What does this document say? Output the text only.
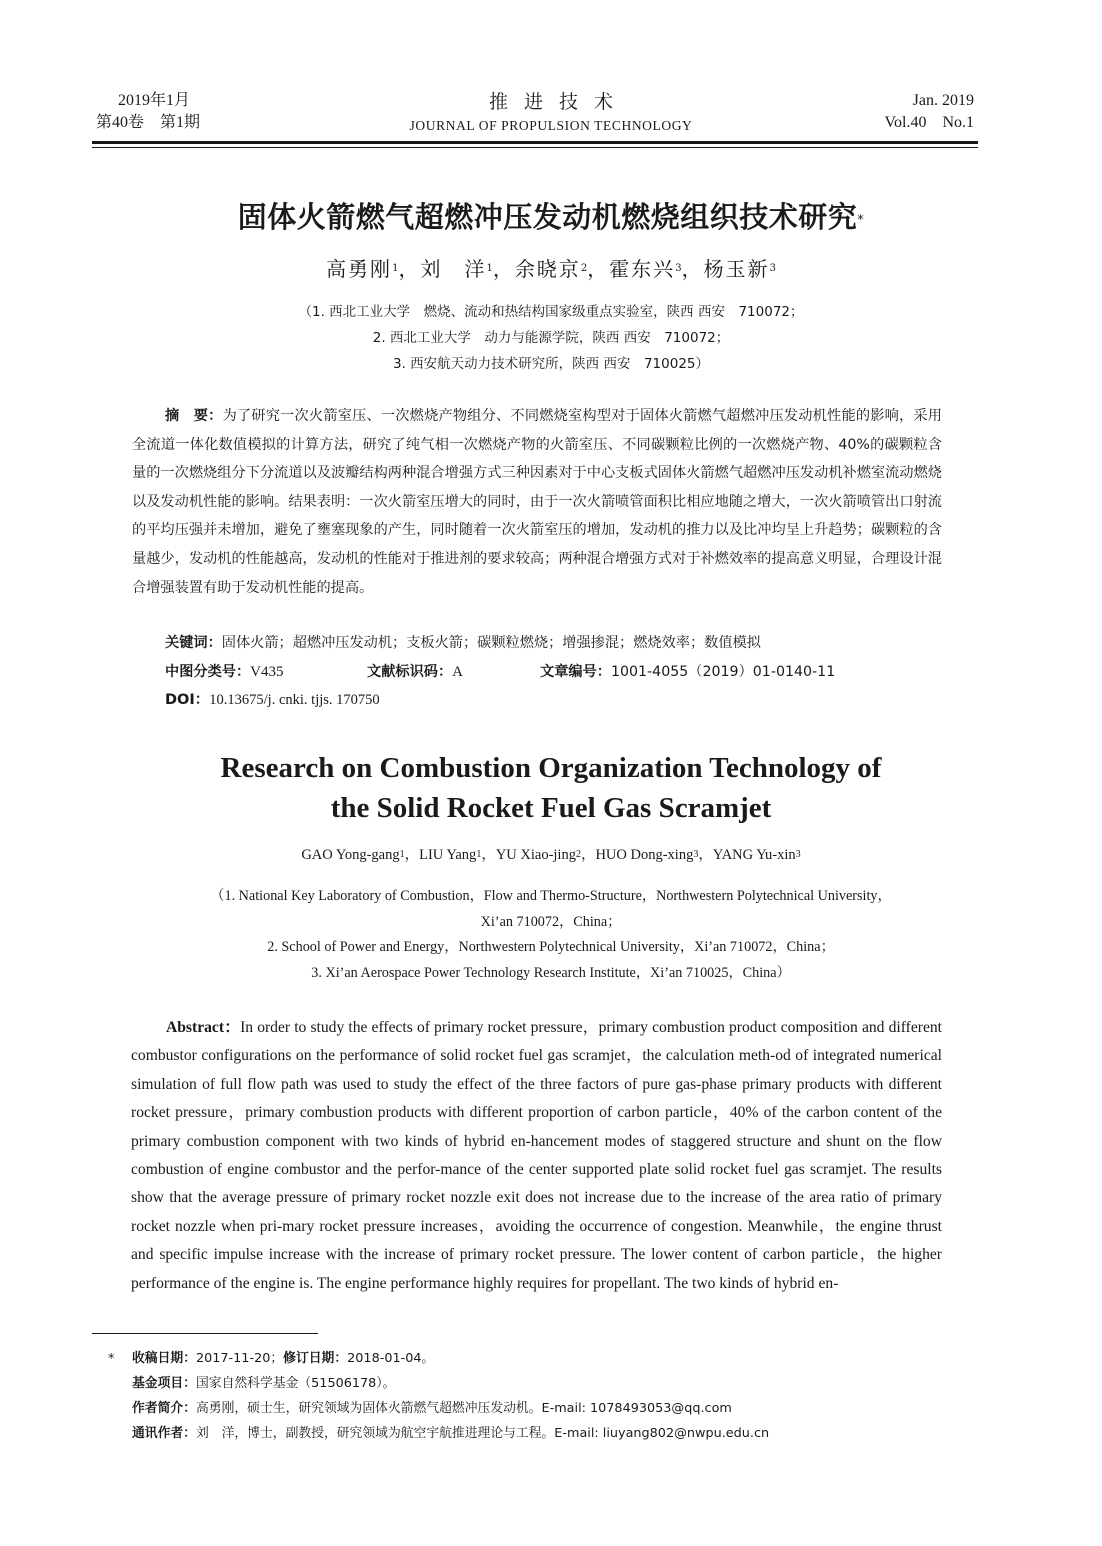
2019年1月
第40卷　第1期
推进技术
JOURNAL OF PROPULSION TECHNOLOGY
Jan. 2019
Vol.40　No.1
固体火箭燃气超燃冲压发动机燃烧组织技术研究*
高勇刚$^1$，刘　洋$^1$，余晓京$^2$，霍东兴$^3$，杨玉新$^3$
（1. 西北工业大学　燃烧、流动和热结构国家级重点实验室，陕西 西安　710072；
2. 西北工业大学　动力与能源学院，陕西 西安　710072；
3. 西安航天动力技术研究所，陕西 西安　710025）

摘　要：为了研究一次火箭室压、一次燃烧产物组分、不同燃烧室构型对于固体火箭燃气超燃冲压发动机性能的影响，采用全流道一体化数值模拟的计算方法，研究了纯气相一次燃烧产物的火箭室压、不同碳颗粒比例的一次燃烧产物、40%的碳颗粒含量的一次燃烧组分下分流道以及波瓣结构两种混合增强方式三种因素对于中心支板式固体火箭燃气超燃冲压发动机补燃室流动燃烧以及发动机性能的影响。结果表明：一次火箭室压增大的同时，由于一次火箭喷管面积比相应地随之增大，一次火箭喷管出口射流的平均压强并未增加，避免了壅塞现象的产生，同时随着一次火箭室压的增加，发动机的推力以及比冲均呈上升趋势；碳颗粒的含量越少，发动机的性能越高，发动机的性能对于推进剂的要求较高；两种混合增强方式对于补燃效率的提高意义明显，合理设计混合增强装置有助于发动机性能的提高。

关键词：固体火箭；超燃冲压发动机；支板火箭；碳颗粒燃烧；增强掺混；燃烧效率；数值模拟
中图分类号：V435	文献标识码：A	文章编号：1001-4055（2019）01-0140-11
DOI：10.13675/j. cnki. tjjs. 170750
Research on Combustion Organization Technology of
the Solid Rocket Fuel Gas Scramjet
GAO Yong-gang$^1$，LIU Yang$^1$，YU Xiao-jing$^2$，HUO Dong-xing$^3$，YANG Yu-xin$^3$
（1. National Key Laboratory of Combustion，Flow and Thermo-Structure，Northwestern Polytechnical University，
Xi’an 710072，China；
2. School of Power and Energy，Northwestern Polytechnical University，Xi’an 710072，China；
3. Xi’an Aerospace Power Technology Research Institute，Xi’an 710025，China）

Abstract：In order to study the effects of primary rocket pressure，primary combustion product composition and different combustor configurations on the performance of solid rocket fuel gas scramjet，the calculation meth-od of integrated numerical simulation of full flow path was used to study the effect of the three factors of pure gas-phase primary products with different rocket pressure，primary combustion products with different proportion of carbon particle，40% of the carbon content of the primary combustion component with two kinds of hybrid en-hancement modes of staggered structure and shunt on the flow combustion of engine combustor and the perfor-mance of the center supported plate solid rocket fuel gas scramjet. The results show that the average pressure of primary rocket nozzle exit does not increase due to the increase of the area ratio of primary rocket nozzle when pri-mary rocket pressure increases，avoiding the occurrence of congestion. Meanwhile，the engine thrust and specific impulse increase with the increase of primary rocket pressure. The lower content of carbon particle，the higher performance of the engine is. The engine performance highly requires for propellant. The two kinds of hybrid en-

* 收稿日期：2017-11-20；修订日期：2018-01-04。
基金项目：国家自然科学基金（51506178）。
作者简介：高勇刚，硕士生，研究领域为固体火箭燃气超燃冲压发动机。E-mail: 1078493053@qq.com
通讯作者：刘　洋，博士，副教授，研究领域为航空宇航推进理论与工程。E-mail: liuyang802@nwpu.edu.cn
